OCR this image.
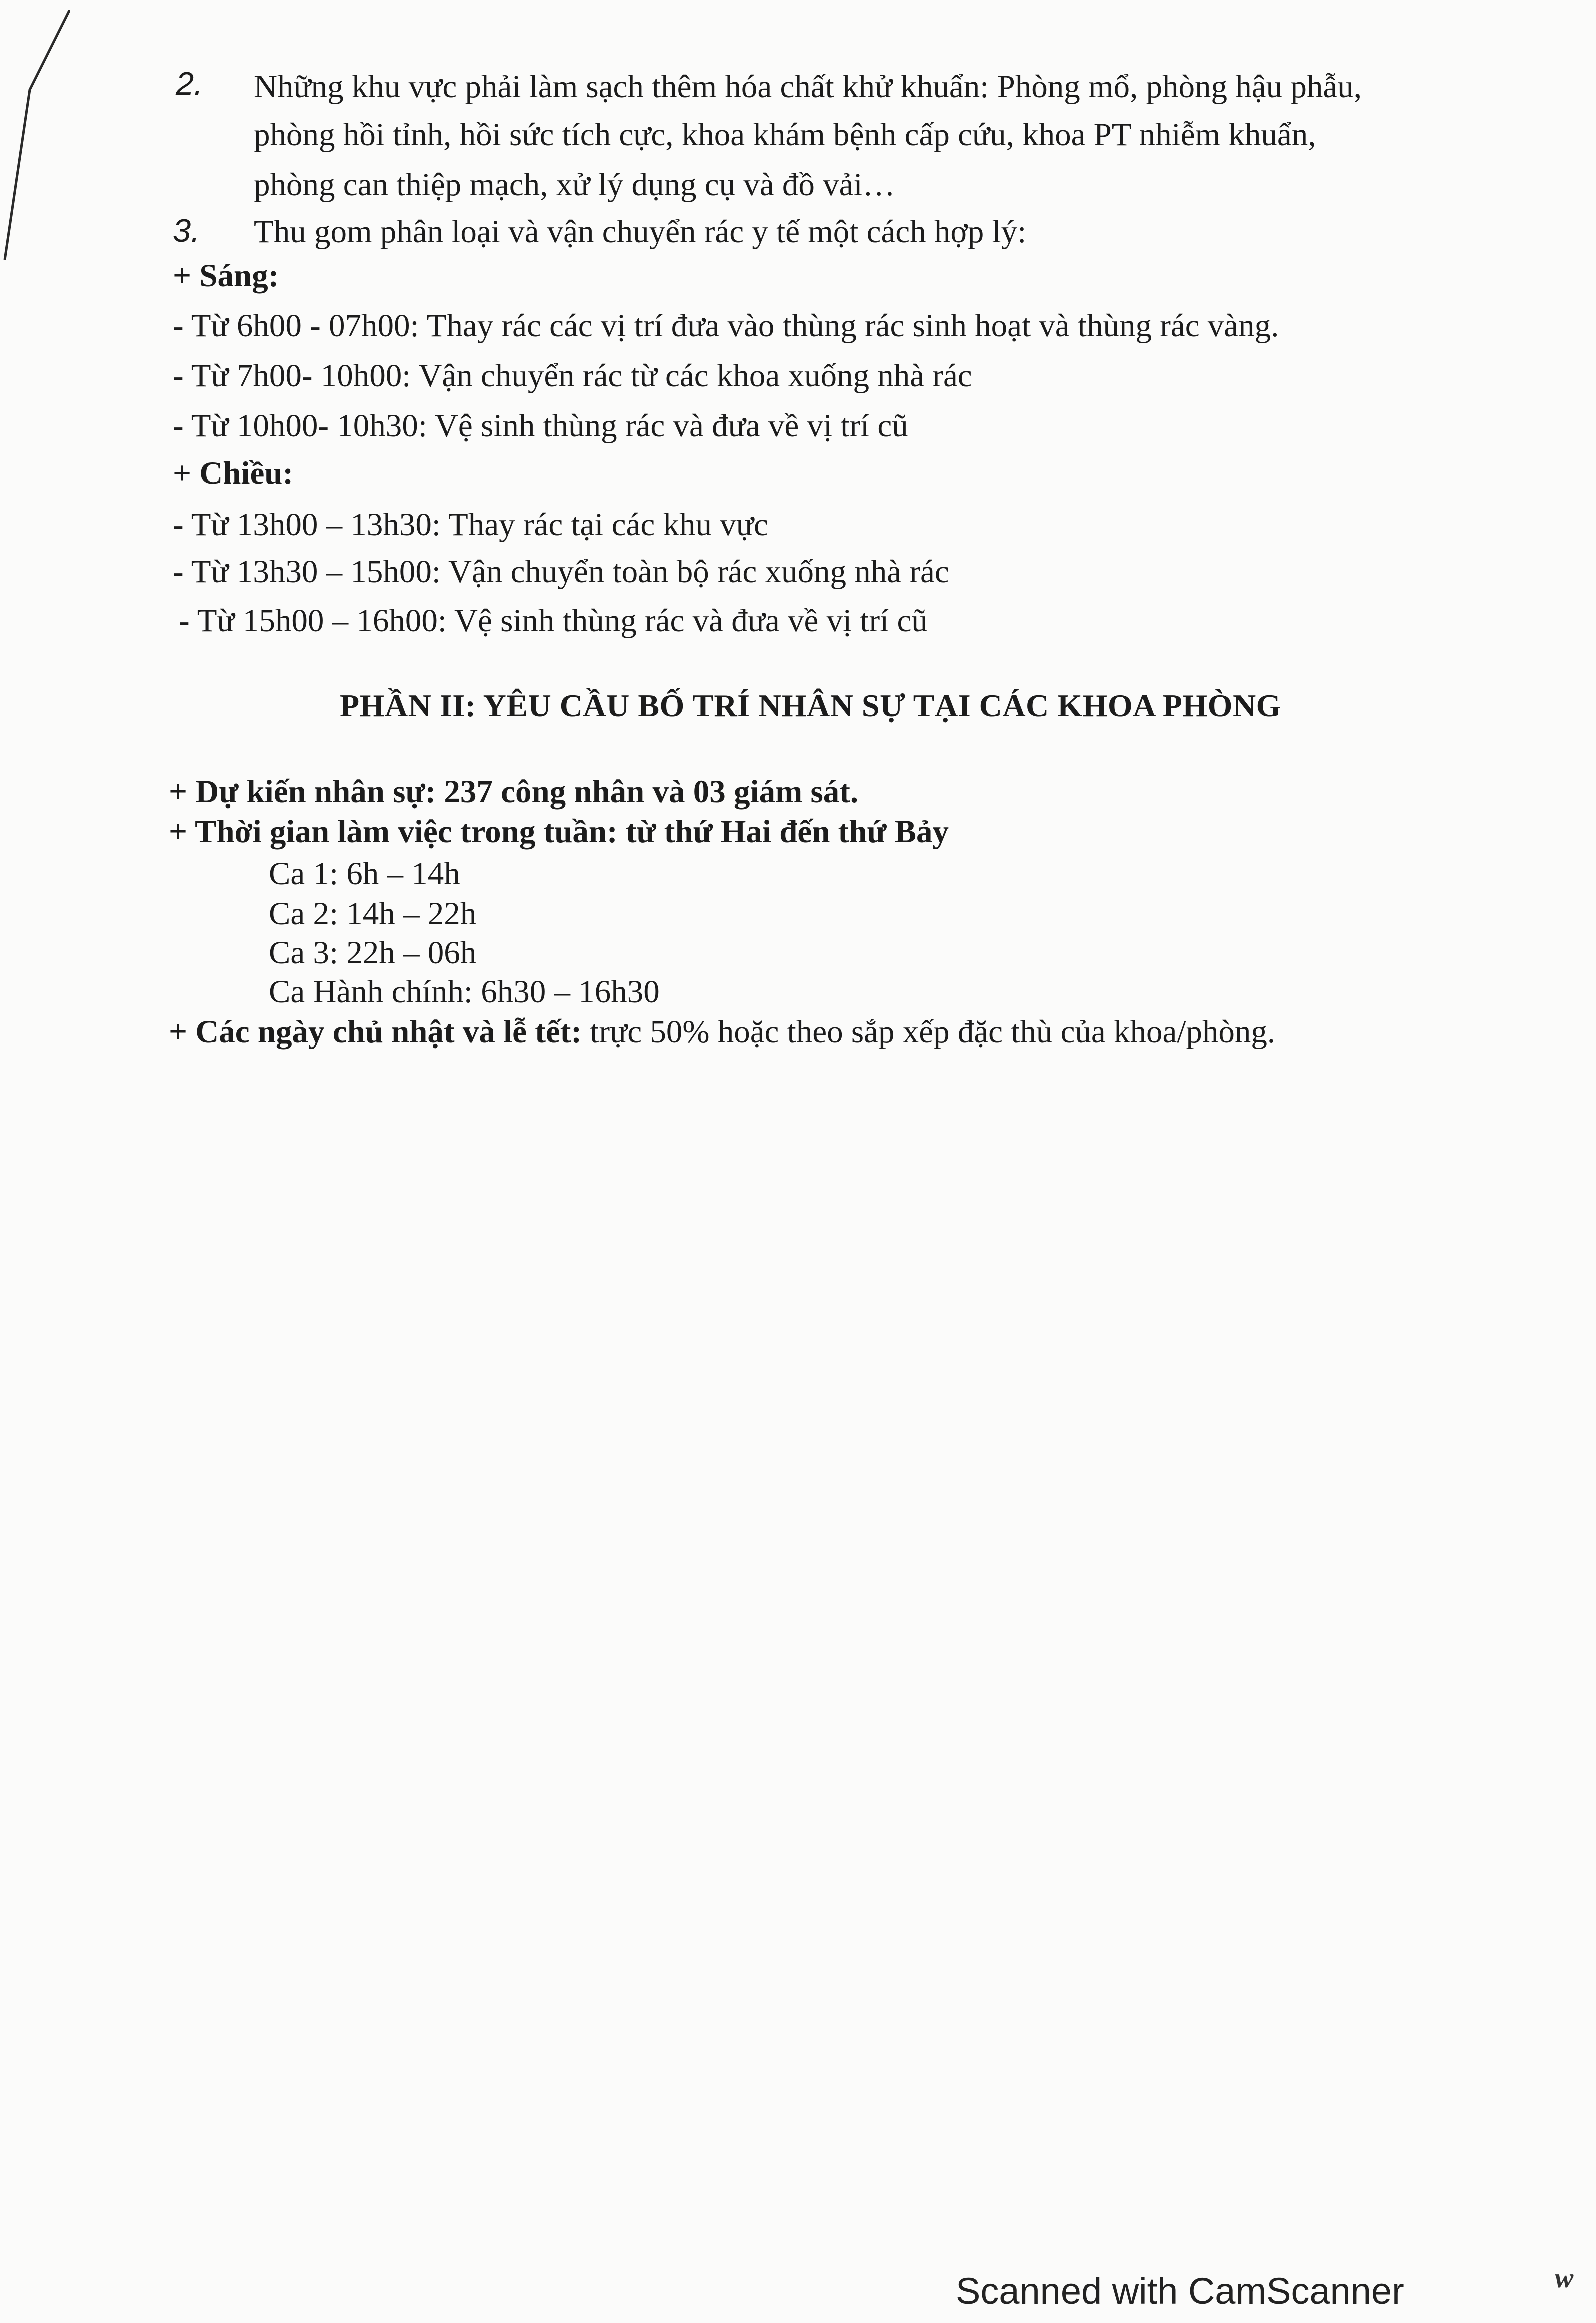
2. Những khu vực phải làm sạch thêm hóa chất khử khuẩn: Phòng mổ, phòng hậu phẫu,
phòng hồi tỉnh, hồi sức tích cực, khoa khám bệnh cấp cứu, khoa PT nhiễm khuẩn,
phòng can thiệp mạch, xử lý dụng cụ và đồ vải…
3. Thu gom phân loại và vận chuyển rác y tế một cách hợp lý:
+ Sáng:
- Từ 6h00 - 07h00: Thay rác các vị trí đưa vào thùng rác sinh hoạt và thùng rác vàng.
- Từ 7h00- 10h00: Vận chuyển rác từ các khoa xuống nhà rác
- Từ 10h00- 10h30: Vệ sinh thùng rác và đưa về vị trí cũ
+ Chiều:
- Từ 13h00 – 13h30: Thay rác tại các khu vực
- Từ 13h30 – 15h00: Vận chuyển toàn bộ rác xuống nhà rác
- Từ 15h00 – 16h00: Vệ sinh thùng rác và đưa về vị trí cũ
PHẦN II: YÊU CẦU BỐ TRÍ NHÂN SỰ TẠI CÁC KHOA PHÒNG
+ Dự kiến nhân sự: 237 công nhân và 03 giám sát.
+ Thời gian làm việc trong tuần: từ thứ Hai đến thứ Bảy
Ca 1: 6h – 14h
Ca 2: 14h – 22h
Ca 3: 22h – 06h
Ca Hành chính: 6h30 – 16h30
+ Các ngày chủ nhật và lễ tết: trực 50% hoặc theo sắp xếp đặc thù của khoa/phòng.
Scanned with CamScanner	w
